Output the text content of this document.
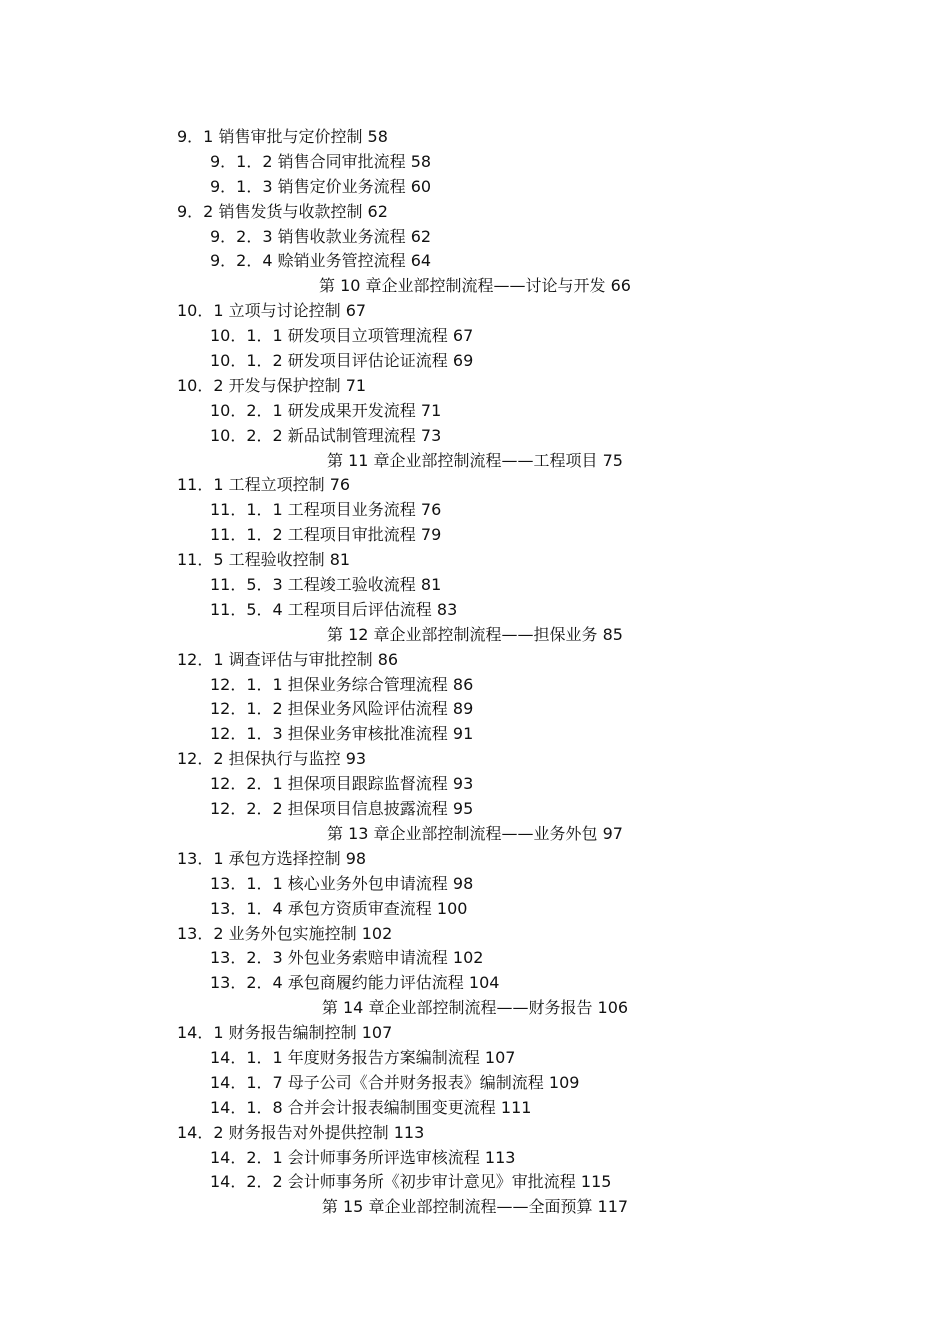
9．1 销售审批与定价控制 58
9．1．2 销售合同审批流程 58
9．1．3 销售定价业务流程 60
9．2 销售发货与收款控制 62
9．2．3 销售收款业务流程 62
9．2．4 赊销业务管控流程 64
第 10 章企业部控制流程——讨论与开发 66
10．1 立项与讨论控制 67
10．1．1 研发项目立项管理流程 67
10．1．2 研发项目评估论证流程 69
10．2 开发与保护控制 71
10．2．1 研发成果开发流程 71
10．2．2 新品试制管理流程 73
第 11 章企业部控制流程——工程项目 75
11．1 工程立项控制 76
11．1．1 工程项目业务流程 76
11．1．2 工程项目审批流程 79
11．5 工程验收控制 81
11．5．3 工程竣工验收流程 81
11．5．4 工程项目后评估流程 83
第 12 章企业部控制流程——担保业务 85
12．1 调查评估与审批控制 86
12．1．1 担保业务综合管理流程 86
12．1．2 担保业务风险评估流程 89
12．1．3 担保业务审核批准流程 91
12．2 担保执行与监控 93
12．2．1 担保项目跟踪监督流程 93
12．2．2 担保项目信息披露流程 95
第 13 章企业部控制流程——业务外包 97
13．1 承包方选择控制 98
13．1．1 核心业务外包申请流程 98
13．1．4 承包方资质审查流程 100
13．2 业务外包实施控制 102
13．2．3 外包业务索赔申请流程 102
13．2．4 承包商履约能力评估流程 104
第 14 章企业部控制流程——财务报告 106
14．1 财务报告编制控制 107
14．1．1 年度财务报告方案编制流程 107
14．1．7 母子公司《合并财务报表》编制流程 109
14．1．8 合并会计报表编制围变更流程 111
14．2 财务报告对外提供控制 113
14．2．1 会计师事务所评选审核流程 113
14．2．2 会计师事务所《初步审计意见》审批流程 115
第 15 章企业部控制流程——全面预算 117
